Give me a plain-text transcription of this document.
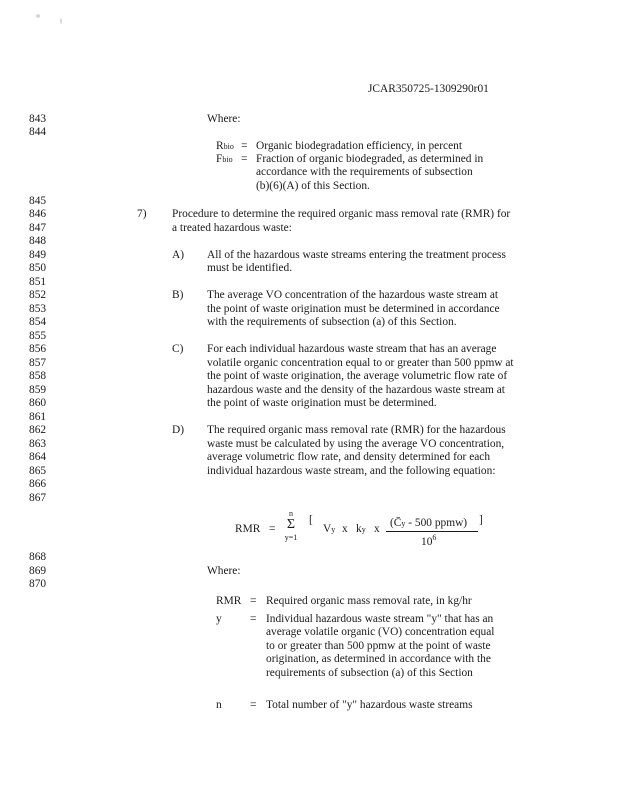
JCAR350725-1309290r01
843
844
845
846
847
848
849
850
851
852
853
854
855
856
857
858
859
860
861
862
863
864
865
866
867
868
869
870
Where:
Rbio = Organic biodegradation efficiency, in percent
Fbio = Fraction of organic biodegraded, as determined in
accordance with the requirements of subsection
(b)(6)(A) of this Section.
7) Procedure to determine the required organic mass removal rate (RMR) for
a treated hazardous waste:
A) All of the hazardous waste streams entering the treatment process
must be identified.
B) The average VO concentration of the hazardous waste stream at
the point of waste origination must be determined in accordance
with the requirements of subsection (a) of this Section.
C) For each individual hazardous waste stream that has an average
volatile organic concentration equal to or greater than 500 ppmw at
the point of waste origination, the average volumetric flow rate of
hazardous waste and the density of the hazardous waste stream at
the point of waste origination must be determined.
D) The required organic mass removal rate (RMR) for the hazardous
waste must be calculated by using the average VO concentration,
average volumetric flow rate, and density determined for each
individual hazardous waste stream, and the following equation:
RMR =
n
Σ
y=1
[
Vy x ky x (C̄y - 500 ppmw)
$10^6$
]
Where:
RMR = Required organic mass removal rate, in kg/hr
y = Individual hazardous waste stream "y" that has an
average volatile organic (VO) concentration equal
to or greater than 500 ppmw at the point of waste
origination, as determined in accordance with the
requirements of subsection (a) of this Section
n = Total number of "y" hazardous waste streams
